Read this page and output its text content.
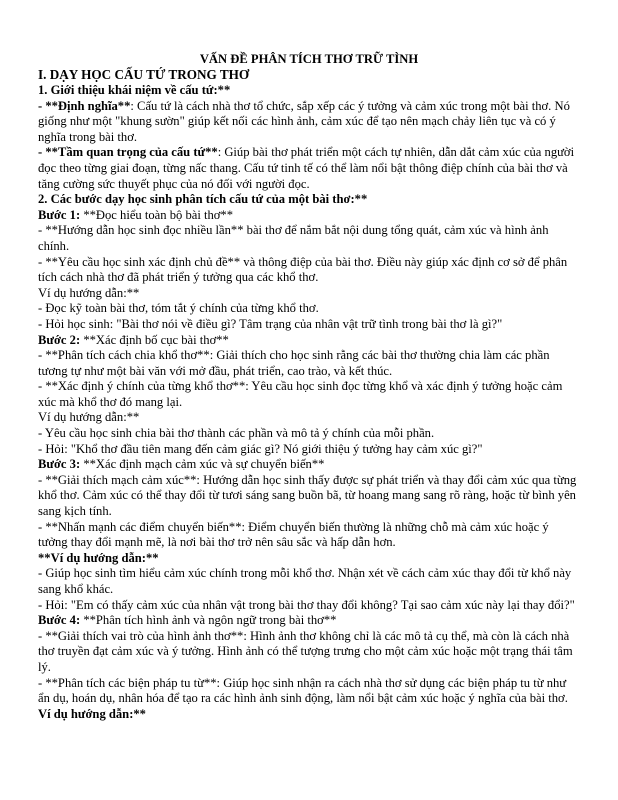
VẤN ĐỀ PHÂN TÍCH THƠ TRỮ TÌNH

I. DẠY HỌC CẤU TỨ TRONG THƠ

1. Giới thiệu khái niệm về cấu tứ:**

- **Định nghĩa**: Cấu tứ là cách nhà thơ tổ chức, sắp xếp các ý tưởng và cảm xúc trong một bài thơ. Nó giống như một "khung sườn" giúp kết nối các hình ảnh, cảm xúc để tạo nên mạch chảy liên tục và có ý nghĩa trong bài thơ.

- **Tầm quan trọng của cấu tứ**: Giúp bài thơ phát triển một cách tự nhiên, dẫn dắt cảm xúc của người đọc theo từng giai đoạn, từng nấc thang. Cấu tứ tinh tế có thể làm nổi bật thông điệp chính của bài thơ và tăng cường sức thuyết phục của nó đối với người đọc.

2. Các bước dạy học sinh phân tích cấu tứ của một bài thơ:**

Bước 1: **Đọc hiểu toàn bộ bài thơ**

- **Hướng dẫn học sinh đọc nhiều lần** bài thơ để nắm bắt nội dung tổng quát, cảm xúc và hình ảnh chính.

- **Yêu cầu học sinh xác định chủ đề** và thông điệp của bài thơ. Điều này giúp xác định cơ sở để phân tích cách nhà thơ đã phát triển ý tưởng qua các khổ thơ.

Ví dụ hướng dẫn:**

- Đọc kỹ toàn bài thơ, tóm tắt ý chính của từng khổ thơ.

- Hỏi học sinh: "Bài thơ nói về điều gì? Tâm trạng của nhân vật trữ tình trong bài thơ là gì?"

Bước 2: **Xác định bố cục bài thơ**

- **Phân tích cách chia khổ thơ**: Giải thích cho học sinh rằng các bài thơ thường chia làm các phần tương tự như một bài văn với mở đầu, phát triển, cao trào, và kết thúc.

- **Xác định ý chính của từng khổ thơ**: Yêu cầu học sinh đọc từng khổ và xác định ý tưởng hoặc cảm xúc mà khổ thơ đó mang lại.

Ví dụ hướng dẫn:**

- Yêu cầu học sinh chia bài thơ thành các phần và mô tả ý chính của mỗi phần.

- Hỏi: "Khổ thơ đầu tiên mang đến cảm giác gì? Nó giới thiệu ý tưởng hay cảm xúc gì?"

Bước 3: **Xác định mạch cảm xúc và sự chuyển biến**

- **Giải thích mạch cảm xúc**: Hướng dẫn học sinh thấy được sự phát triển và thay đổi cảm xúc qua từng khổ thơ. Cảm xúc có thể thay đổi từ tươi sáng sang buồn bã, từ hoang mang sang rõ ràng, hoặc từ bình yên sang kịch tính.

- **Nhấn mạnh các điểm chuyển biến**: Điểm chuyển biến thường là những chỗ mà cảm xúc hoặc ý tưởng thay đổi mạnh mẽ, là nơi bài thơ trở nên sâu sắc và hấp dẫn hơn.

**Ví dụ hướng dẫn:**

- Giúp học sinh tìm hiểu cảm xúc chính trong mỗi khổ thơ. Nhận xét về cách cảm xúc thay đổi từ khổ này sang khổ khác.

- Hỏi: "Em có thấy cảm xúc của nhân vật trong bài thơ thay đổi không? Tại sao cảm xúc này lại thay đổi?"

Bước 4: **Phân tích hình ảnh và ngôn ngữ trong bài thơ**

- **Giải thích vai trò của hình ảnh thơ**: Hình ảnh thơ không chỉ là các mô tả cụ thể, mà còn là cách nhà thơ truyền đạt cảm xúc và ý tưởng. Hình ảnh có thể tượng trưng cho một cảm xúc hoặc một trạng thái tâm lý.

- **Phân tích các biện pháp tu từ**: Giúp học sinh nhận ra cách nhà thơ sử dụng các biện pháp tu từ như ẩn dụ, hoán dụ, nhân hóa để tạo ra các hình ảnh sinh động, làm nổi bật cảm xúc hoặc ý nghĩa của bài thơ.

Ví dụ hướng dẫn:**
